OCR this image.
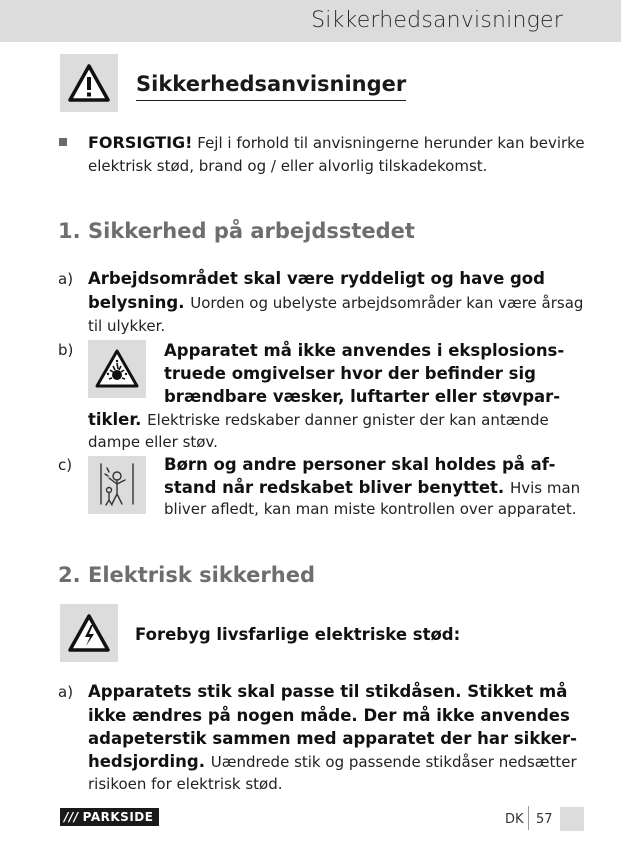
Sikkerhedsanvisninger
Sikkerhedsanvisninger
FORSIGTIG! Fejl i forhold til anvisningerne herunder kan bevirke
elektrisk stød, brand og / eller alvorlig tilskadekomst.
1. Sikkerhed på arbejdsstedet
a) Arbejdsområdet skal være ryddeligt og have god
belysning. Uorden og ubelyste arbejdsområder kan være årsag
til ulykker.
b)	Apparatet må ikke anvendes i eksplosions-
truede omgivelser hvor der befinder sig
brændbare væsker, luftarter eller støvpar-
tikler. Elektriske redskaber danner gnister der kan antænde
dampe eller støv.
c)	Børn og andre personer skal holdes på af-
stand når redskabet bliver benyttet. Hvis man
bliver afledt, kan man miste kontrollen over apparatet.
2. Elektrisk sikkerhed
Forebyg livsfarlige elektriske stød:
a) Apparatets stik skal passe til stikdåsen. Stikket må
ikke ændres på nogen måde. Der må ikke anvendes
adapeterstik sammen med apparatet der har sikker-
hedsjording. Uændrede stik og passende stikdåser nedsætter
risikoen for elektrisk stød.
/// PARKSIDE	DK 57
